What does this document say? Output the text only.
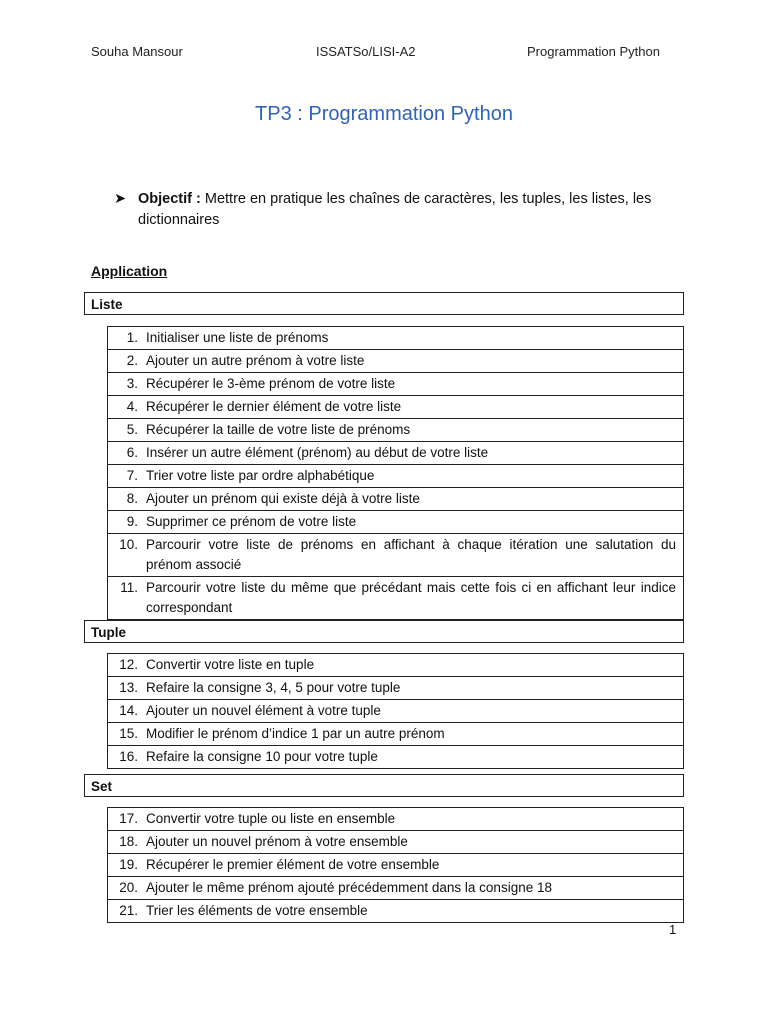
Souha Mansour	ISSATSo/LISI-A2	Programmation Python
TP3 : Programmation Python
➤ Objectif : Mettre en pratique les chaînes de caractères, les tuples, les listes, les dictionnaires
Application
Liste
1. Initialiser une liste de prénoms

2. Ajouter un autre prénom à votre liste

3. Récupérer le 3-ème prénom de votre liste

4. Récupérer le dernier élément de votre liste

5. Récupérer la taille de votre liste de prénoms

6. Insérer un autre élément (prénom) au début de votre liste

7. Trier votre liste par ordre alphabétique

8. Ajouter un prénom qui existe déjà à votre liste

9. Supprimer ce prénom de votre liste

10. Parcourir votre liste de prénoms en affichant à chaque itération une salutation du prénom associé

11. Parcourir votre liste du même que précédant mais cette fois ci en affichant leur indice correspondant
Tuple
12. Convertir votre liste en tuple

13. Refaire la consigne 3, 4, 5 pour votre tuple

14. Ajouter un nouvel élément à votre tuple

15. Modifier le prénom d’indice 1 par un autre prénom

16. Refaire la consigne 10 pour votre tuple
Set
17. Convertir votre tuple ou liste en ensemble

18. Ajouter un nouvel prénom à votre ensemble

19. Récupérer le premier élément de votre ensemble

20. Ajouter le même prénom ajouté précédemment dans la consigne 18

21. Trier les éléments de votre ensemble
1
